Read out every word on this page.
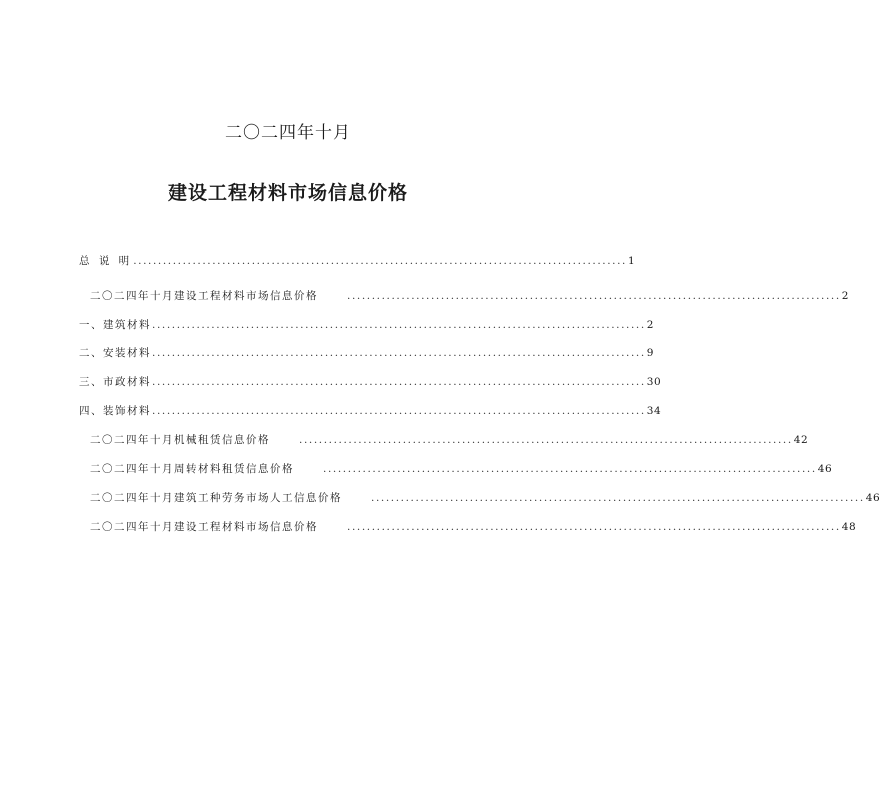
二〇二四年十月
建设工程材料市场信息价格
总 说 明 .................................................................................................... 1
二〇二四年十月建设工程材料市场信息价格	.................................................................................................... 2
一、建筑材料 .................................................................................................... 2
二、安装材料 .................................................................................................... 9
三、市政材料 .................................................................................................... 30
四、装饰材料 .................................................................................................... 34
二〇二四年十月机械租赁信息价格	.................................................................................................... 42
二〇二四年十月周转材料租赁信息价格	.................................................................................................... 46
二〇二四年十月建筑工种劳务市场人工信息价格	.................................................................................................... 46
二〇二四年十月建设工程材料市场信息价格	.................................................................................................... 48
